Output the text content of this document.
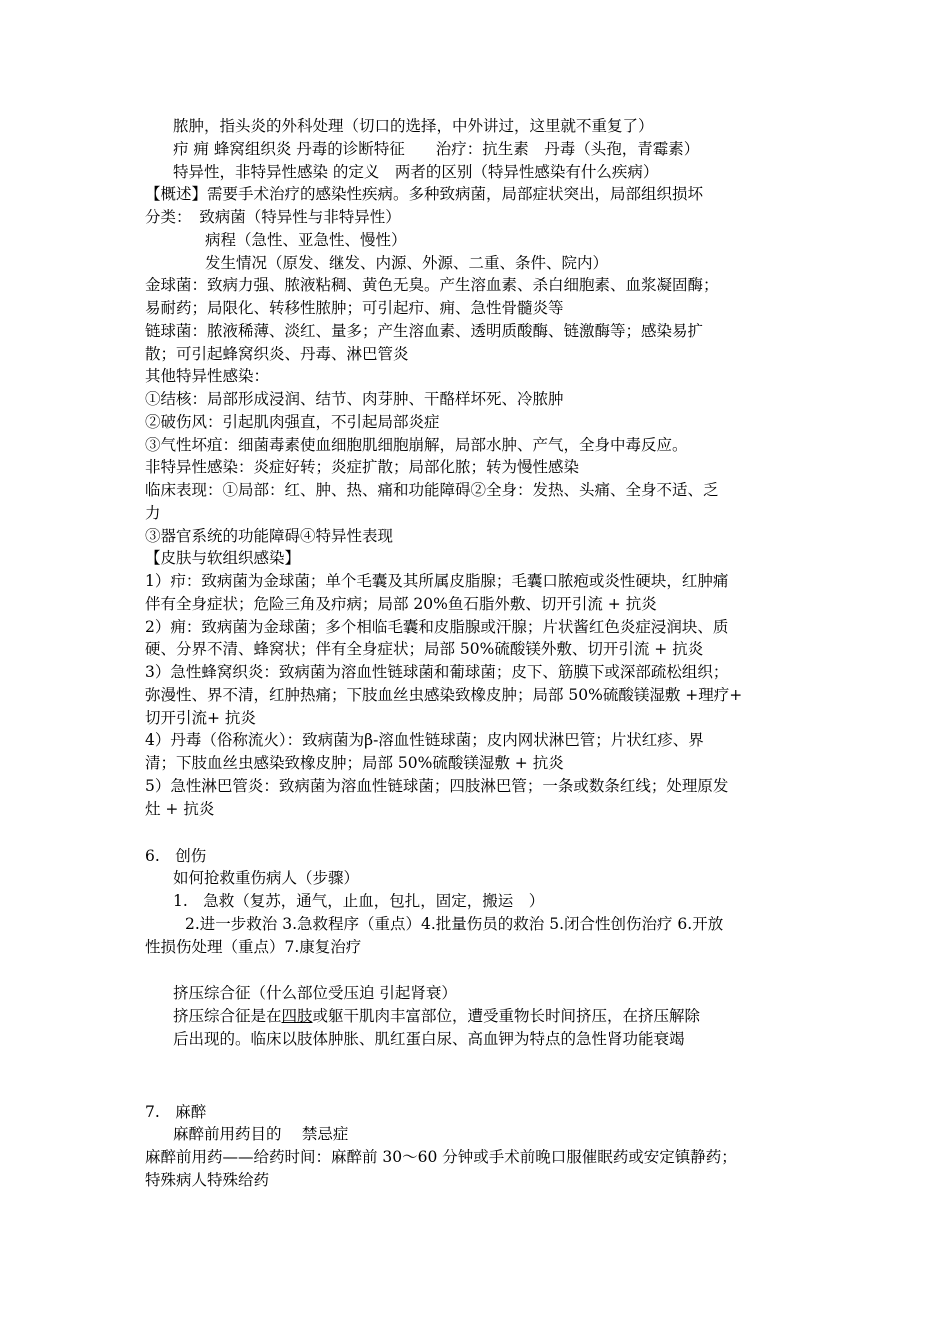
脓肿，指头炎的外科处理（切口的选择，中外讲过，这里就不重复了）
疖 痈 蜂窝组织炎 丹毒的诊断特征　　治疗：抗生素　丹毒（头孢，青霉素）
特异性，非特异性感染 的定义　两者的区别（特异性感染有什么疾病）
【概述】需要手术治疗的感染性疾病。多种致病菌，局部症状突出，局部组织损坏
分类：　致病菌（特异性与非特异性）
病程（急性、亚急性、慢性）
发生情况（原发、继发、内源、外源、二重、条件、院内）
金球菌：致病力强、脓液粘稠、黄色无臭。产生溶血素、杀白细胞素、血浆凝固酶；
易耐药；局限化、转移性脓肿；可引起疖、痈、急性骨髓炎等
链球菌：脓液稀薄、淡红、量多；产生溶血素、透明质酸酶、链激酶等；感染易扩
散；可引起蜂窝织炎、丹毒、淋巴管炎
其他特异性感染：
①结核：局部形成浸润、结节、肉芽肿、干酪样坏死、冷脓肿
②破伤风：引起肌肉强直，不引起局部炎症
③气性坏疽：细菌毒素使血细胞肌细胞崩解，局部水肿、产气，全身中毒反应。
非特异性感染：炎症好转；炎症扩散；局部化脓；转为慢性感染
临床表现：①局部：红、肿、热、痛和功能障碍②全身：发热、头痛、全身不适、乏
力
③器官系统的功能障碍④特异性表现
【皮肤与软组织感染】
1）疖：致病菌为金球菌；单个毛囊及其所属皮脂腺；毛囊口脓疱或炎性硬块，红肿痛
伴有全身症状；危险三角及疖病；局部 20%鱼石脂外敷、切开引流 + 抗炎
2）痈：致病菌为金球菌；多个相临毛囊和皮脂腺或汗腺；片状酱红色炎症浸润块、质
硬、分界不清、蜂窝状；伴有全身症状；局部 50%硫酸镁外敷、切开引流 + 抗炎
3）急性蜂窝织炎：致病菌为溶血性链球菌和葡球菌；皮下、筋膜下或深部疏松组织；
弥漫性、界不清，红肿热痛；下肢血丝虫感染致橡皮肿；局部 50%硫酸镁湿敷 +理疗+
切开引流+ 抗炎
4）丹毒（俗称流火）：致病菌为β-溶血性链球菌；皮内网状淋巴管；片状红疹、界
清；下肢血丝虫感染致橡皮肿；局部 50%硫酸镁湿敷 + 抗炎
5）急性淋巴管炎：致病菌为溶血性链球菌；四肢淋巴管；一条或数条红线；处理原发
灶 + 抗炎
6.　创伤
如何抢救重伤病人（步骤）
1.　急救（复苏，通气，止血，包扎，固定，搬运　）
2.进一步救治 3.急救程序（重点）4.批量伤员的救治 5.闭合性创伤治疗 6.开放
性损伤处理（重点）7.康复治疗
挤压综合征（什么部位受压迫 引起肾衰）
挤压综合征是在四肢或躯干肌肉丰富部位，遭受重物长时间挤压，在挤压解除
后出现的。临床以肢体肿胀、肌红蛋白尿、高血钾为特点的急性肾功能衰竭
7.　麻醉
麻醉前用药目的　 禁忌症
麻醉前用药——给药时间：麻醉前 30～60 分钟或手术前晚口服催眠药或安定镇静药；
特殊病人特殊给药
